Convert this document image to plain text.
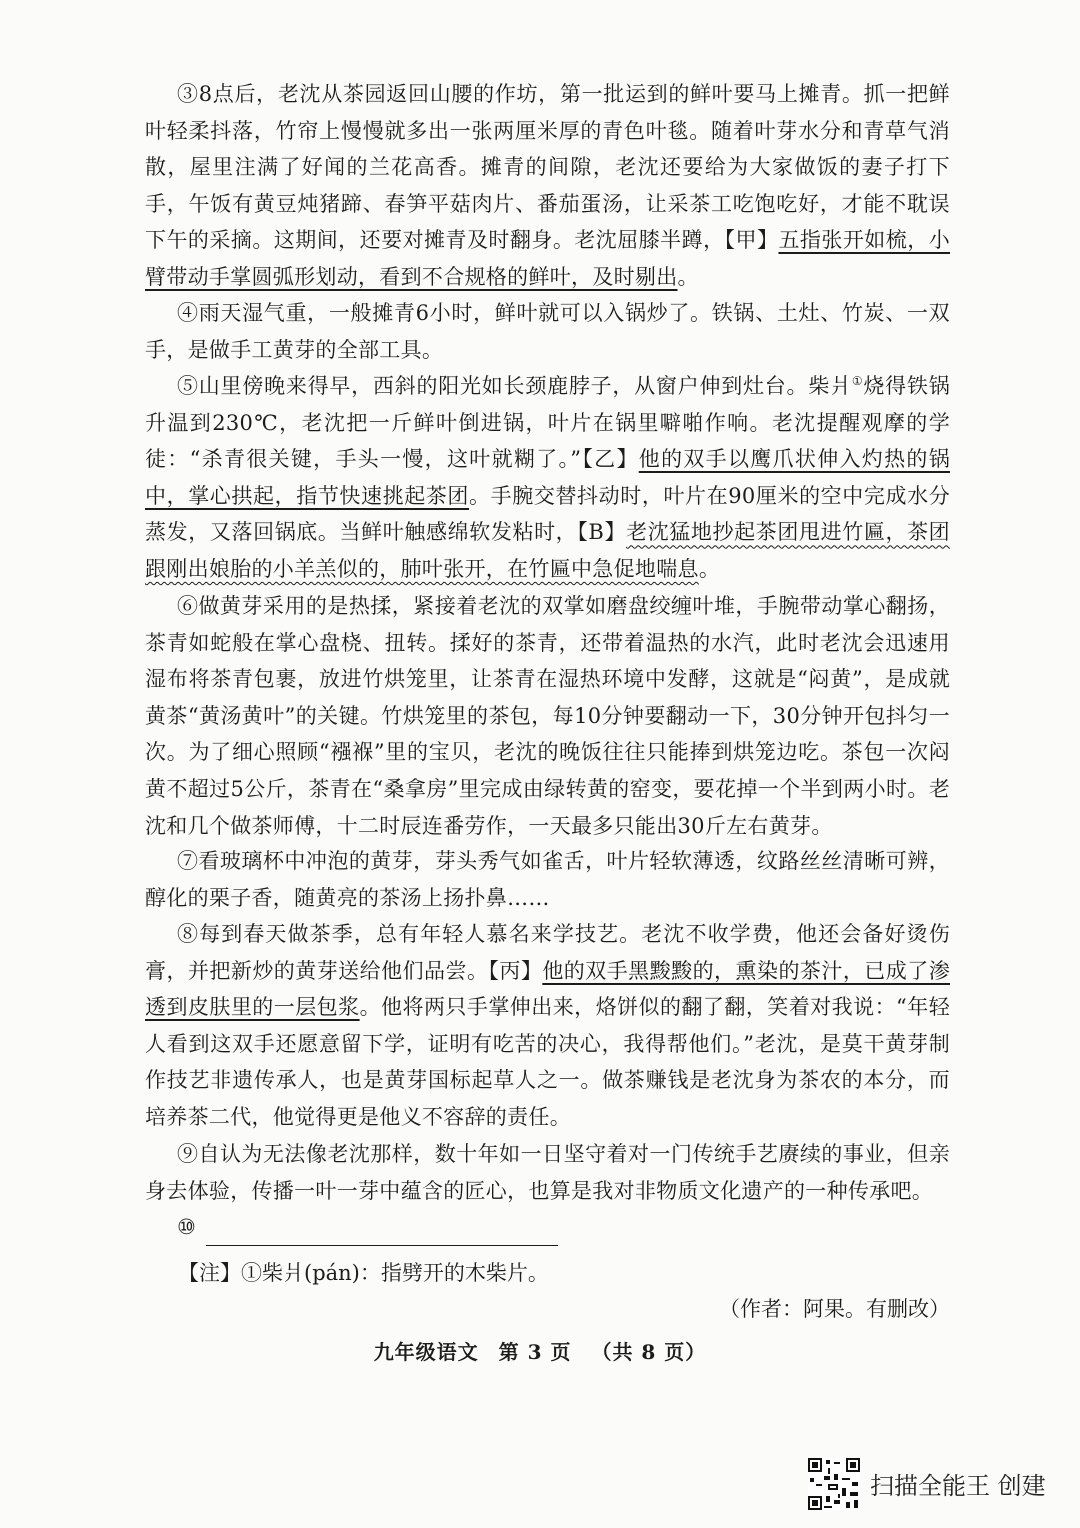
③8点后，老沈从茶园返回山腰的作坊，第一批运到的鲜叶要马上摊青。抓一把鲜叶轻柔抖落，竹帘上慢慢就多出一张两厘米厚的青色叶毯。随着叶芽水分和青草气消散，屋里注满了好闻的兰花高香。摊青的间隙，老沈还要给为大家做饭的妻子打下手，午饭有黄豆炖猪蹄、春笋平菇肉片、番茄蛋汤，让采茶工吃饱吃好，才能不耽误下午的采摘。这期间，还要对摊青及时翻身。老沈屈膝半蹲，【甲】五指张开如梳，小臂带动手掌圆弧形划动，看到不合规格的鲜叶，及时剔出。

④雨天湿气重，一般摊青6小时，鲜叶就可以入锅炒了。铁锅、土灶、竹炭、一双手，是做手工黄芽的全部工具。

⑤山里傍晚来得早，西斜的阳光如长颈鹿脖子，从窗户伸到灶台。柴爿①烧得铁锅升温到230℃，老沈把一斤鲜叶倒进锅，叶片在锅里噼啪作响。老沈提醒观摩的学徒：“杀青很关键，手头一慢，这叶就糊了。”【乙】他的双手以鹰爪状伸入灼热的锅中，掌心拱起，指节快速挑起茶团。手腕交替抖动时，叶片在90厘米的空中完成水分蒸发，又落回锅底。当鲜叶触感绵软发粘时，【B】老沈猛地抄起茶团甩进竹匾，茶团跟刚出娘胎的小羊羔似的，肺叶张开，在竹匾中急促地喘息。

⑥做黄芽采用的是热揉，紧接着老沈的双掌如磨盘绞缠叶堆，手腕带动掌心翻扬，茶青如蛇般在掌心盘桡、扭转。揉好的茶青，还带着温热的水汽，此时老沈会迅速用湿布将茶青包裹，放进竹烘笼里，让茶青在湿热环境中发酵，这就是“闷黄”，是成就黄茶“黄汤黄叶”的关键。竹烘笼里的茶包，每10分钟要翻动一下，30分钟开包抖匀一次。为了细心照顾“襁褓”里的宝贝，老沈的晚饭往往只能捧到烘笼边吃。茶包一次闷黄不超过5公斤，茶青在“桑拿房”里完成由绿转黄的窑变，要花掉一个半到两小时。老沈和几个做茶师傅，十二时辰连番劳作，一天最多只能出30斤左右黄芽。

⑦看玻璃杯中冲泡的黄芽，芽头秀气如雀舌，叶片轻软薄透，纹路丝丝清晰可辨，醇化的栗子香，随黄亮的茶汤上扬扑鼻……

⑧每到春天做茶季，总有年轻人慕名来学技艺。老沈不收学费，他还会备好烫伤膏，并把新炒的黄芽送给他们品尝。【丙】他的双手黑黢黢的，熏染的茶汁，已成了渗透到皮肤里的一层包浆。他将两只手掌伸出来，烙饼似的翻了翻，笑着对我说：“年轻人看到这双手还愿意留下学，证明有吃苦的决心，我得帮他们。”老沈，是莫干黄芽制作技艺非遗传承人，也是黄芽国标起草人之一。做茶赚钱是老沈身为茶农的本分，而培养茶二代，他觉得更是他义不容辞的责任。

⑨自认为无法像老沈那样，数十年如一日坚守着对一门传统手艺赓续的事业，但亲身去体验，传播一叶一芽中蕴含的匠心，也算是我对非物质文化遗产的一种传承吧。

⑩

【注】①柴爿(pán)：指劈开的木柴片。
（作者：阿果。有删改）
九年级语文 第 3 页 （共 8 页）
扫描全能王 创建
